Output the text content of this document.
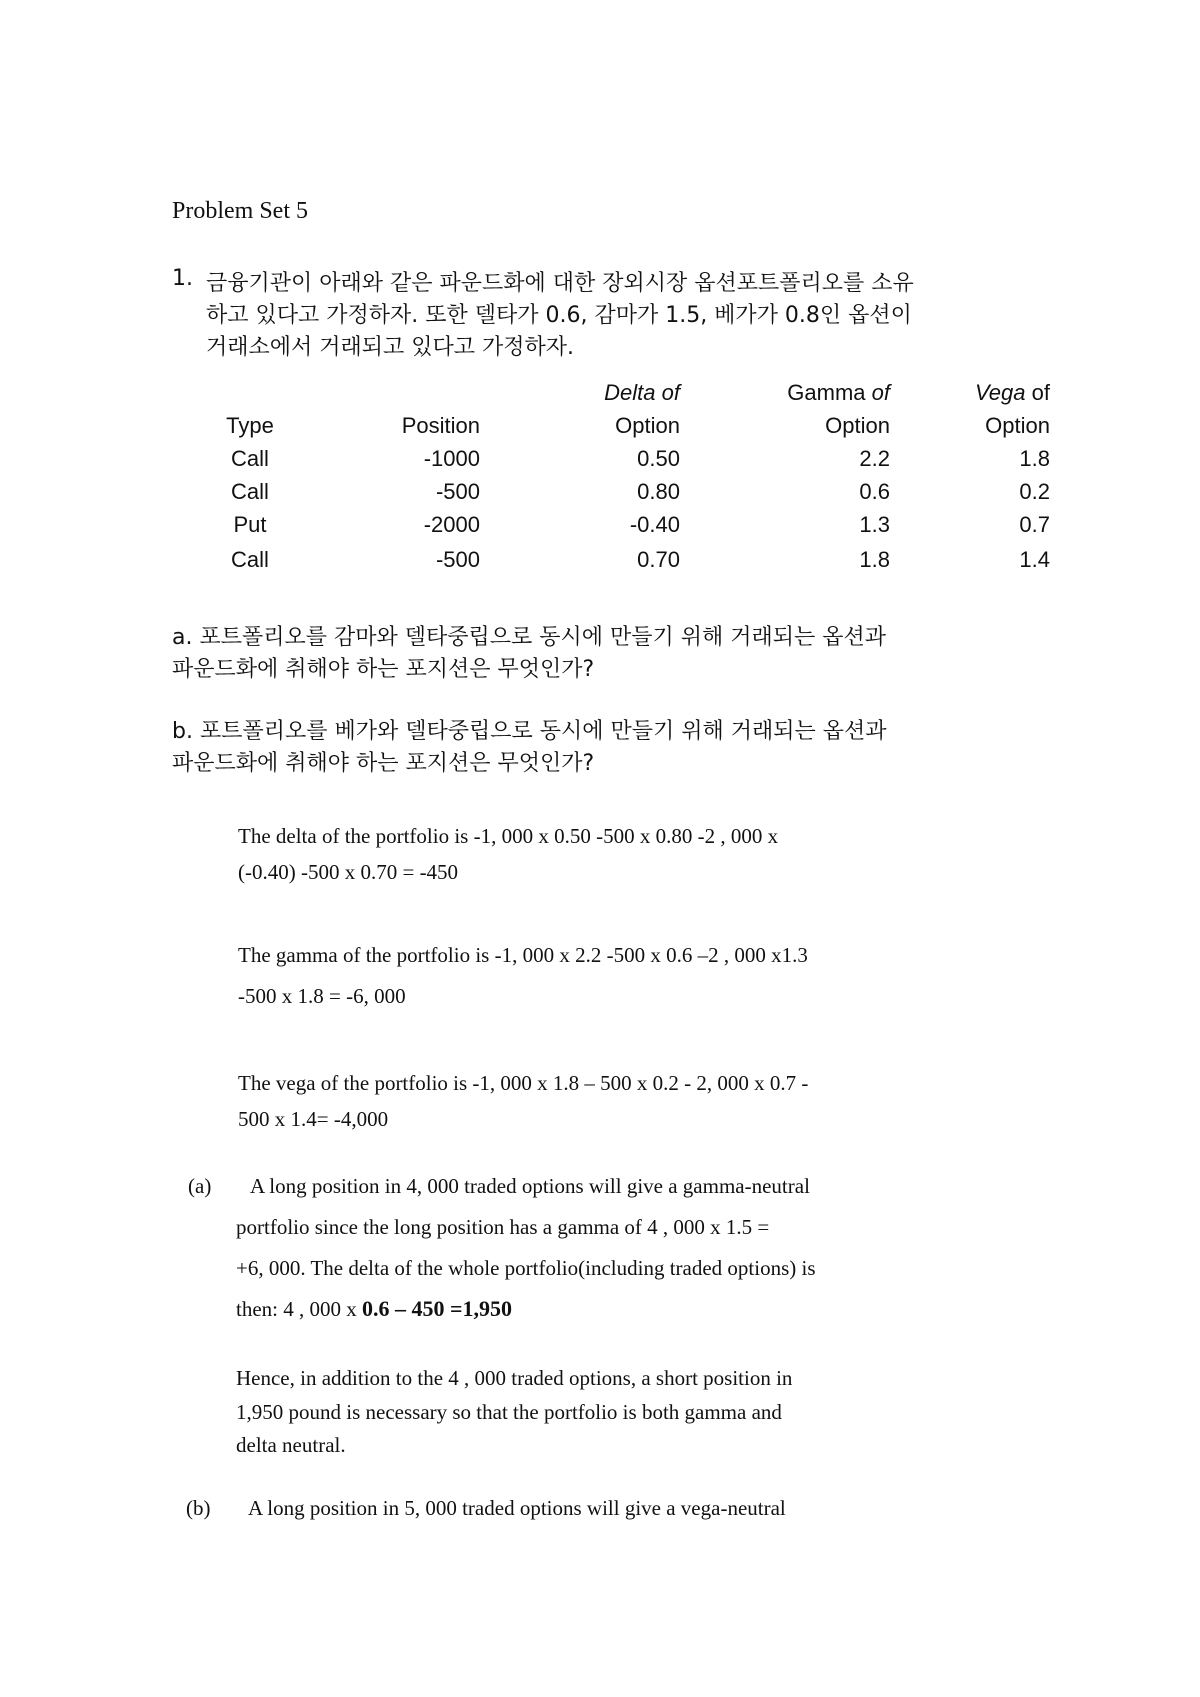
Problem Set 5
1. 금융기관이 아래와 같은 파운드화에 대한 장외시장 옵션포트폴리오를 소유
하고 있다고 가정하자. 또한 델타가 0.6, 감마가 1.5, 베가가 0.8인 옵션이
거래소에서 거래되고 있다고 가정하자.
		Delta of	Gamma of	Vega of
Type	Position	Option	Option	Option
Call	-1000	0.50	2.2	1.8
Call	-500	0.80	0.6	0.2
Put	-2000	-0.40	1.3	0.7
Call	-500	0.70	1.8	1.4
a. 포트폴리오를 감마와 델타중립으로 동시에 만들기 위해 거래되는 옵션과
파운드화에 취해야 하는 포지션은 무엇인가?
b. 포트폴리오를 베가와 델타중립으로 동시에 만들기 위해 거래되는 옵션과
파운드화에 취해야 하는 포지션은 무엇인가?
The delta of the portfolio is -1, 000 x 0.50 -500 x 0.80 -2 , 000 x
(-0.40) -500 x 0.70 = -450
The gamma of the portfolio is -1, 000 x 2.2 -500 x 0.6 –2 , 000 x1.3
-500 x 1.8 = -6, 000
The vega of the portfolio is -1, 000 x 1.8 – 500 x 0.2 - 2, 000 x 0.7 -
500 x 1.4= -4,000
(a) A long position in 4, 000 traded options will give a gamma-neutral
portfolio since the long position has a gamma of 4 , 000 x 1.5 =
+6, 000. The delta of the whole portfolio(including traded options) is
then: 4 , 000 x 0.6 – 450 =1,950
Hence, in addition to the 4 , 000 traded options, a short position in
1,950 pound is necessary so that the portfolio is both gamma and
delta neutral.
(b) A long position in 5, 000 traded options will give a vega-neutral
